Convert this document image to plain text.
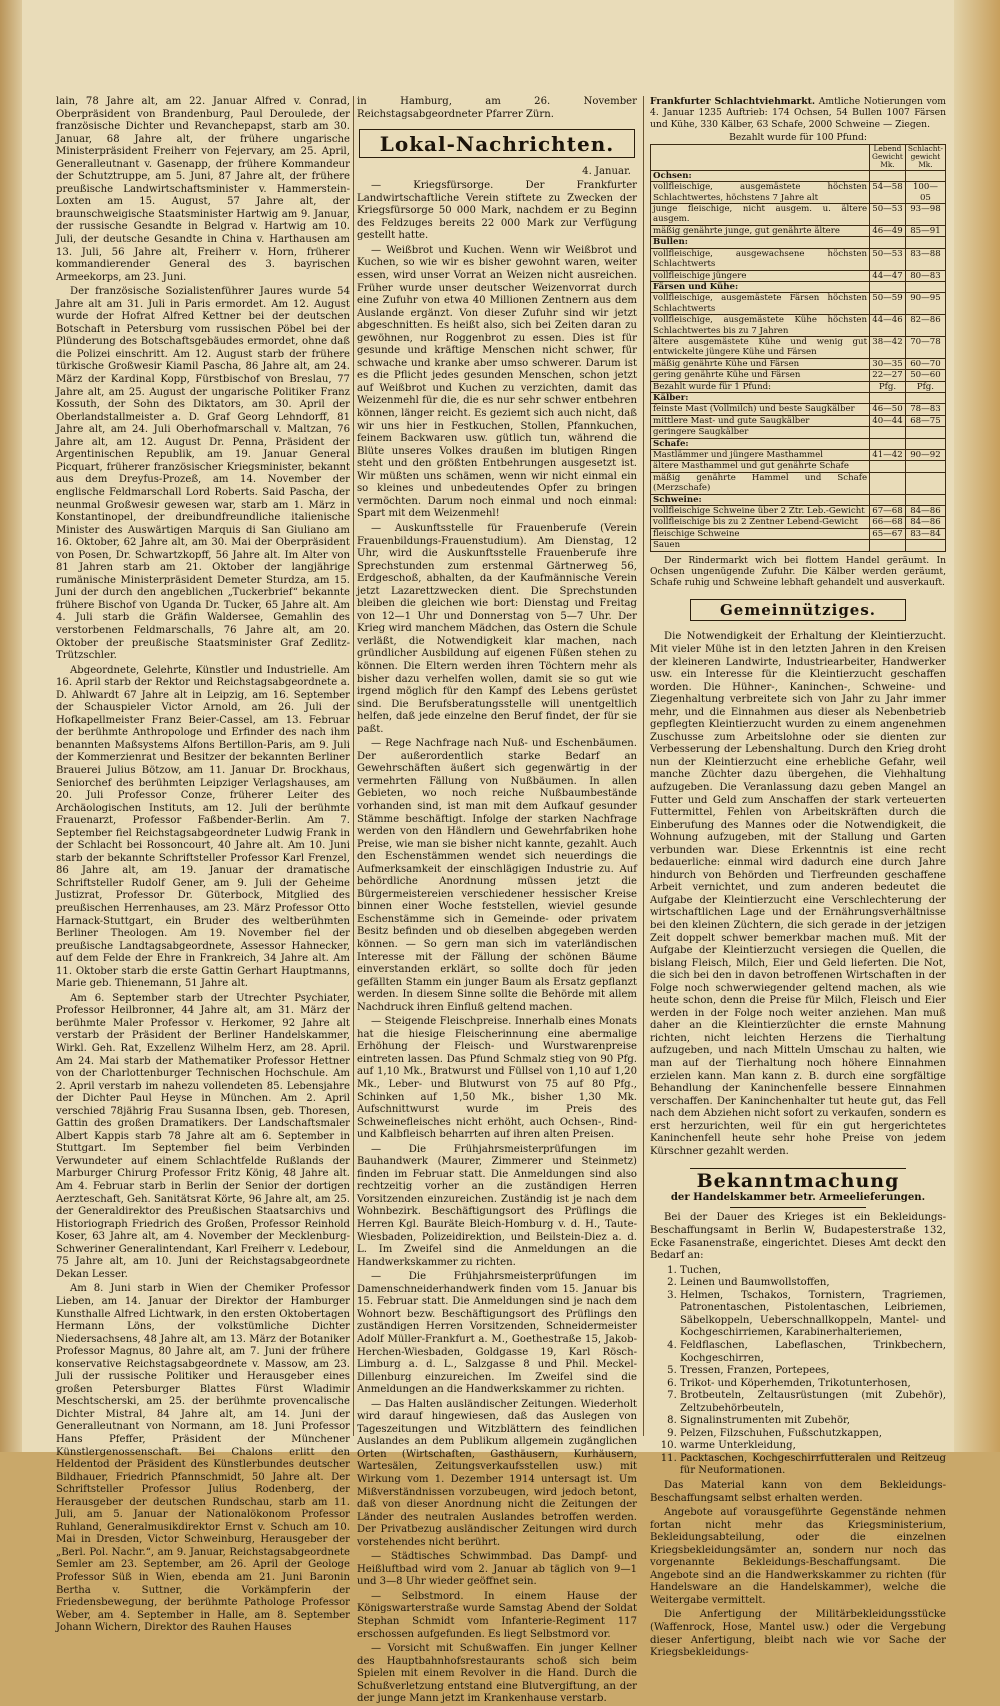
lain, 78 Jahre alt, am 22. Januar Alfred v. Conrad, Oberpräsident von Brandenburg, Paul Deroulede, der französische Dichter und Revanchepapst, starb am 30. Januar, 68 Jahre alt, der frühere ungarische Ministerpräsident Freiherr von Fejervary, am 25. April, Generalleutnant v. Gasenapp, der frühere Kommandeur der Schutztruppe, am 5. Juni, 87 Jahre alt, der frühere preußische Landwirtschaftsminister v. Hammerstein-Loxten am 15. August, 57 Jahre alt, der braunschweigische Staatsminister Hartwig am 9. Januar, der russische Gesandte in Belgrad v. Hartwig am 10. Juli, der deutsche Gesandte in China v. Harthausen am 13. Juli, 56 Jahre alt, Freiherr v. Horn, früherer kommandierender General des 3. bayrischen Armeekorps, am 23. Juni.

Der französische Sozialistenführer Jaures wurde 54 Jahre alt am 31. Juli in Paris ermordet. Am 12. August wurde der Hofrat Alfred Kettner bei der deutschen Botschaft in Petersburg vom russischen Pöbel bei der Plünderung des Botschaftsgebäudes ermordet, ohne daß die Polizei einschritt. Am 12. August starb der frühere türkische Großwesir Kiamil Pascha, 86 Jahre alt, am 24. März der Kardinal Kopp, Fürstbischof von Breslau, 77 Jahre alt, am 25. August der ungarische Politiker Franz Kossuth, der Sohn des Diktators, am 30. April der Oberlandstallmeister a. D. Graf Georg Lehndorff, 81 Jahre alt, am 24. Juli Oberhofmarschall v. Maltzan, 76 Jahre alt, am 12. August Dr. Penna, Präsident der Argentinischen Republik, am 19. Januar General Picquart, früherer französischer Kriegsminister, bekannt aus dem Dreyfus-Prozeß, am 14. November der englische Feldmarschall Lord Roberts. Said Pascha, der neunmal Großwesir gewesen war, starb am 1. März in Konstantinopel, der dreibundfreundliche italienische Minister des Auswärtigen Marquis di San Giuliano am 16. Oktober, 62 Jahre alt, am 30. Mai der Oberpräsident von Posen, Dr. Schwartzkopff, 56 Jahre alt. Im Alter von 81 Jahren starb am 21. Oktober der langjährige rumänische Ministerpräsident Demeter Sturdza, am 15. Juni der durch den angeblichen „Tuckerbrief“ bekannte frühere Bischof von Uganda Dr. Tucker, 65 Jahre alt. Am 4. Juli starb die Gräfin Waldersee, Gemahlin des verstorbenen Feldmarschalls, 76 Jahre alt, am 20. Oktober der preußische Staatsminister Graf Zedlitz-Trützschler.

Abgeordnete, Gelehrte, Künstler und Industrielle. Am 16. April starb der Rektor und Reichstagsabgeordnete a. D. Ahlwardt 67 Jahre alt in Leipzig, am 16. September der Schauspieler Victor Arnold, am 26. Juli der Hofkapellmeister Franz Beier-Cassel, am 13. Februar der berühmte Anthropologe und Erfinder des nach ihm benannten Maßsystems Alfons Bertillon-Paris, am 9. Juli der Kommerzienrat und Besitzer der bekannten Berliner Brauerei Julius Bötzow, am 11. Januar Dr. Brockhaus, Seniorchef des berühmten Leipziger Verlagshauses, am 20. Juli Professor Conze, früherer Leiter des Archäologischen Instituts, am 12. Juli der berühmte Frauenarzt, Professor Faßbender-Berlin. Am 7. September fiel Reichstagsabgeordneter Ludwig Frank in der Schlacht bei Rossoncourt, 40 Jahre alt. Am 10. Juni starb der bekannte Schriftsteller Professor Karl Frenzel, 86 Jahre alt, am 19. Januar der dramatische Schriftsteller Rudolf Gener, am 9. Juli der Geheime Justizrat, Professor Dr. Güterbock, Mitglied des preußischen Herrenhauses, am 23. März Professor Otto Harnack-Stuttgart, ein Bruder des weltberühmten Berliner Theologen. Am 19. November fiel der preußische Landtagsabgeordnete, Assessor Hahnecker, auf dem Felde der Ehre in Frankreich, 34 Jahre alt. Am 11. Oktober starb die erste Gattin Gerhart Hauptmanns, Marie geb. Thienemann, 51 Jahre alt.

Am 6. September starb der Utrechter Psychiater, Professor Heilbronner, 44 Jahre alt, am 31. März der berühmte Maler Professor v. Herkomer, 92 Jahre alt verstarb der Präsident der Berliner Handelskammer, Wirkl. Geh. Rat, Exzellenz Wilhelm Herz, am 28. April. Am 24. Mai starb der Mathematiker Professor Hettner von der Charlottenburger Technischen Hochschule. Am 2. April verstarb im nahezu vollendeten 85. Lebensjahre der Dichter Paul Heyse in München. Am 2. April verschied 78jährig Frau Susanna Ibsen, geb. Thoresen, Gattin des großen Dramatikers. Der Landschaftsmaler Albert Kappis starb 78 Jahre alt am 6. September in Stuttgart. Im September fiel beim Verbinden Verwundeter auf einem Schlachtfelde Rußlands der Marburger Chirurg Professor Fritz König, 48 Jahre alt. Am 4. Februar starb in Berlin der Senior der dortigen Aerzteschaft, Geh. Sanitätsrat Körte, 96 Jahre alt, am 25. der Generaldirektor des Preußischen Staatsarchivs und Historiograph Friedrich des Großen, Professor Reinhold Koser, 63 Jahre alt, am 4. November der Mecklenburg-Schweriner Generalintendant, Karl Freiherr v. Ledebour, 75 Jahre alt, am 10. Juni der Reichstagsabgeordnete Dekan Lesser.

Am 8. Juni starb in Wien der Chemiker Professor Lieben, am 14. Januar der Direktor der Hamburger Kunsthalle Alfred Lichtwark, in den ersten Oktobertagen Hermann Löns, der volkstümliche Dichter Niedersachsens, 48 Jahre alt, am 13. März der Botaniker Professor Magnus, 80 Jahre alt, am 7. Juni der frühere konservative Reichstagsabgeordnete v. Massow, am 23. Juli der russische Politiker und Herausgeber eines großen Petersburger Blattes Fürst Wladimir Meschtscherski, am 25. der berühmte provencalische Dichter Mistral, 84 Jahre alt, am 14. Juni der Generalleutnant von Normann, am 18. Juni Professor Hans Pfeffer, Präsident der Münchener Künstlergenossenschaft. Bei Chalons erlitt den Heldentod der Präsident des Künstlerbundes deutscher Bildhauer, Friedrich Pfannschmidt, 50 Jahre alt. Der Schriftsteller Professor Julius Rodenberg, der Herausgeber der deutschen Rundschau, starb am 11. Juli, am 5. Januar der Nationalökonom Professor Ruhland, Generalmusikdirektor Ernst v. Schuch am 10. Mai in Dresden, Victor Schweinburg, Herausgeber der „Berl. Pol. Nachr.“, am 9. Januar, Reichstagsabgeordnete Semler am 23. September, am 26. April der Geologe Professor Süß in Wien, ebenda am 21. Juni Baronin Bertha v. Suttner, die Vorkämpferin der Friedensbewegung, der berühmte Pathologe Professor Weber, am 4. September in Halle, am 8. September Johann Wichern, Direktor des Rauhen Hauses

in Hamburg, am 26. November Reichstagsabgeordneter Pfarrer Zürn.

Lokal-Nachrichten.
4. Januar.

— Kriegsfürsorge. Der Frankfurter Landwirtschaftliche Verein stiftete zu Zwecken der Kriegsfürsorge 50 000 Mark, nachdem er zu Beginn des Feldzuges bereits 22 000 Mark zur Verfügung gestellt hatte.

— Weißbrot und Kuchen. Wenn wir Weißbrot und Kuchen, so wie wir es bisher gewohnt waren, weiter essen, wird unser Vorrat an Weizen nicht ausreichen. Früher wurde unser deutscher Weizenvorrat durch eine Zufuhr von etwa 40 Millionen Zentnern aus dem Auslande ergänzt. Von dieser Zufuhr sind wir jetzt abgeschnitten. Es heißt also, sich bei Zeiten daran zu gewöhnen, nur Roggenbrot zu essen. Dies ist für gesunde und kräftige Menschen nicht schwer, für schwache und kranke aber umso schwerer. Darum ist es die Pflicht jedes gesunden Menschen, schon jetzt auf Weißbrot und Kuchen zu verzichten, damit das Weizenmehl für die, die es nur sehr schwer entbehren können, länger reicht. Es geziemt sich auch nicht, daß wir uns hier in Festkuchen, Stollen, Pfannkuchen, feinem Backwaren usw. gütlich tun, während die Blüte unseres Volkes draußen im blutigen Ringen steht und den größten Entbehrungen ausgesetzt ist. Wir müßten uns schämen, wenn wir nicht einmal ein so kleines und unbedeutendes Opfer zu bringen vermöchten. Darum noch einmal und noch einmal: Spart mit dem Weizenmehl!

— Auskunftsstelle für Frauenberufe (Verein Frauenbildungs-Frauenstudium). Am Dienstag, 12 Uhr, wird die Auskunftsstelle Frauenberufe ihre Sprechstunden zum erstenmal Gärtnerweg 56, Erdgeschoß, abhalten, da der Kaufmännische Verein jetzt Lazarettzwecken dient. Die Sprechstunden bleiben die gleichen wie bort: Dienstag und Freitag von 12—1 Uhr und Donnerstag von 5—7 Uhr. Der Krieg wird manchem Mädchen, das Ostern die Schule verläßt, die Notwendigkeit klar machen, nach gründlicher Ausbildung auf eigenen Füßen stehen zu können. Die Eltern werden ihren Töchtern mehr als bisher dazu verhelfen wollen, damit sie so gut wie irgend möglich für den Kampf des Lebens gerüstet sind. Die Berufsberatungsstelle will unentgeltlich helfen, daß jede einzelne den Beruf findet, der für sie paßt.

— Rege Nachfrage nach Nuß- und Eschenbäumen. Der außerordentlich starke Bedarf an Gewehrschäften äußert sich gegenwärtig in der vermehrten Fällung von Nußbäumen. In allen Gebieten, wo noch reiche Nußbaumbestände vorhanden sind, ist man mit dem Aufkauf gesunder Stämme beschäftigt. Infolge der starken Nachfrage werden von den Händlern und Gewehrfabriken hohe Preise, wie man sie bisher nicht kannte, gezahlt. Auch den Eschenstämmen wendet sich neuerdings die Aufmerksamkeit der einschlägigen Industrie zu. Auf behördliche Anordnung müssen jetzt die Bürgermeistereien verschiedener hessischer Kreise binnen einer Woche feststellen, wieviel gesunde Eschenstämme sich in Gemeinde- oder privatem Besitz befinden und ob dieselben abgegeben werden können. — So gern man sich im vaterländischen Interesse mit der Fällung der schönen Bäume einverstanden erklärt, so sollte doch für jeden gefällten Stamm ein junger Baum als Ersatz gepflanzt werden. In diesem Sinne sollte die Behörde mit allem Nachdruck ihren Einfluß geltend machen.

— Steigende Fleischpreise. Innerhalb eines Monats hat die hiesige Fleischerinnung eine abermalige Erhöhung der Fleisch- und Wurstwarenpreise eintreten lassen. Das Pfund Schmalz stieg von 90 Pfg. auf 1,10 Mk., Bratwurst und Füllsel von 1,10 auf 1,20 Mk., Leber- und Blutwurst von 75 auf 80 Pfg., Schinken auf 1,50 Mk., bisher 1,30 Mk. Aufschnittwurst wurde im Preis des Schweinefleisches nicht erhöht, auch Ochsen-, Rind- und Kalbfleisch beharrten auf ihren alten Preisen.

— Die Frühjahrsmeisterprüfungen im Bauhandwerk (Maurer, Zimmerer und Steinmetz) finden im Februar statt. Die Anmeldungen sind also rechtzeitig vorher an die zuständigen Herren Vorsitzenden einzureichen. Zuständig ist je nach dem Wohnbezirk. Beschäftigungsort des Prüflings die Herren Kgl. Bauräte Bleich-Homburg v. d. H., Taute-Wiesbaden, Polizeidirektion, und Beilstein-Diez a. d. L. Im Zweifel sind die Anmeldungen an die Handwerkskammer zu richten.

— Die Frühjahrsmeisterprüfungen im Damenschneiderhandwerk finden vom 15. Januar bis 15. Februar statt. Die Anmeldungen sind je nach dem Wohnort bezw. Beschäftigungsort des Prüflings den zuständigen Herren Vorsitzenden, Schneidermeister Adolf Müller-Frankfurt a. M., Goethestraße 15, Jakob-Herchen-Wiesbaden, Goldgasse 19, Karl Rösch-Limburg a. d. L., Salzgasse 8 und Phil. Meckel-Dillenburg einzureichen. Im Zweifel sind die Anmeldungen an die Handwerkskammer zu richten.

— Das Halten ausländischer Zeitungen. Wiederholt wird darauf hingewiesen, daß das Auslegen von Tageszeitungen und Witzblättern des feindlichen Auslandes an dem Publikum allgemein zugänglichen Orten (Wirtschaften, Gasthäusern, Kurhäusern, Wartesälen, Zeitungsverkaufsstellen usw.) mit Wirkung vom 1. Dezember 1914 untersagt ist. Um Mißverständnissen vorzubeugen, wird jedoch betont, daß von dieser Anordnung nicht die Zeitungen der Länder des neutralen Auslandes betroffen werden. Der Privatbezug ausländischer Zeitungen wird durch vorstehendes nicht berührt.

— Städtisches Schwimmbad. Das Dampf- und Heißluftbad wird vom 2. Januar ab täglich von 9—1 und 3—8 Uhr wieder geöffnet sein.

— Selbstmord. In einem Hause der Königswarterstraße wurde Samstag Abend der Soldat Stephan Schmidt vom Infanterie-Regiment 117 erschossen aufgefunden. Es liegt Selbstmord vor.

— Vorsicht mit Schußwaffen. Ein junger Kellner des Hauptbahnhofsrestaurants schoß sich beim Spielen mit einem Revolver in die Hand. Durch die Schußverletzung entstand eine Blutvergiftung, an der der junge Mann jetzt im Krankenhause verstarb.

Frankfurter Schlachtviehmarkt. Amtliche Notierungen vom 4. Januar 1235 Auftrieb: 174 Ochsen, 54 Bullen 1007 Färsen und Kühe, 330 Kälber, 63 Schafe, 2000 Schweine — Ziegen.

Bezahlt wurde für 100 Pfund:
	Lebend Gewicht Mk.	Schlacht- gewicht Mk.
Ochsen:		
vollfleischige, ausgemästete höchsten Schlachtwertes, höchstens 7 Jahre alt	54—58	100—05
junge fleischige, nicht ausgem. u. ältere ausgem.	50—53	93—98
mäßig genährte junge, gut genährte ältere	46—49	85—91
Bullen:		
vollfleischige, ausgewachsene höchsten Schlachtwerts	50—53	83—88
vollfleischige jüngere	44—47	80—83
Färsen und Kühe:		
vollfleischige, ausgemästete Färsen höchsten Schlachtwerts	50—59	90—95
vollfleischige, ausgemästete Kühe höchsten Schlachtwertes bis zu 7 Jahren	44—46	82—86
ältere ausgemästete Kühe und wenig gut entwickelte jüngere Kühe und Färsen	38—42	70—78
mäßig genährte Kühe und Färsen	30—35	60—70
gering genährte Kühe und Färsen	22—27	50—60
Bezahlt wurde für 1 Pfund:	Pfg.	Pfg.
Kälber:		
feinste Mast (Vollmilch) und beste Saugkälber	46—50	78—83
mittlere Mast- und gute Saugkälber	40—44	68—75
geringere Saugkälber		
Schafe:		
Mastlämmer und jüngere Masthammel	41—42	90—92
ältere Masthammel und gut genährte Schafe		
mäßig genährte Hammel und Schafe (Merzschafe)		
Schweine:		
vollfleischige Schweine über 2 Ztr. Leb.-Gewicht	67—68	84—86
vollfleischige bis zu 2 Zentner Lebend-Gewicht	66—68	84—86
fleischige Schweine	65—67	83—84
Sauen		

Der Rindermarkt wich bei flottem Handel geräumt. In Ochsen ungenügende Zufuhr. Die Kälber werden geräumt, Schafe ruhig und Schweine lebhaft gehandelt und ausverkauft.

Gemeinnütziges.

Die Notwendigkeit der Erhaltung der Kleintierzucht. Mit vieler Mühe ist in den letzten Jahren in den Kreisen der kleineren Landwirte, Industriearbeiter, Handwerker usw. ein Interesse für die Kleintierzucht geschaffen worden. Die Hühner-, Kaninchen-, Schweine- und Ziegenhaltung verbreitete sich von Jahr zu Jahr immer mehr, und die Einnahmen aus dieser als Nebenbetrieb gepflegten Kleintierzucht wurden zu einem angenehmen Zuschusse zum Arbeitslohne oder sie dienten zur Verbesserung der Lebenshaltung. Durch den Krieg droht nun der Kleintierzucht eine erhebliche Gefahr, weil manche Züchter dazu übergehen, die Viehhaltung aufzugeben. Die Veranlassung dazu geben Mangel an Futter und Geld zum Anschaffen der stark verteuerten Futtermittel, Fehlen von Arbeitskräften durch die Einberufung des Mannes oder die Notwendigkeit, die Wohnung aufzugeben, mit der Stallung und Garten verbunden war. Diese Erkenntnis ist eine recht bedauerliche: einmal wird dadurch eine durch Jahre hindurch von Behörden und Tierfreunden geschaffene Arbeit vernichtet, und zum anderen bedeutet die Aufgabe der Kleintierzucht eine Verschlechterung der wirtschaftlichen Lage und der Ernährungsverhältnisse bei den kleinen Züchtern, die sich gerade in der jetzigen Zeit doppelt schwer bemerkbar machen muß. Mit der Aufgabe der Kleintierzucht versiegen die Quellen, die bislang Fleisch, Milch, Eier und Geld lieferten. Die Not, die sich bei den in davon betroffenen Wirtschaften in der Folge noch schwerwiegender geltend machen, als wie heute schon, denn die Preise für Milch, Fleisch und Eier werden in der Folge noch weiter anziehen. Man muß daher an die Kleintierzüchter die ernste Mahnung richten, nicht leichten Herzens die Tierhaltung aufzugeben, und nach Mitteln Umschau zu halten, wie man auf der Tierhaltung noch höhere Einnahmen erzielen kann. Man kann z. B. durch eine sorgfältige Behandlung der Kaninchenfelle bessere Einnahmen verschaffen. Der Kaninchenhalter tut heute gut, das Fell nach dem Abziehen nicht sofort zu verkaufen, sondern es erst herzurichten, weil für ein gut hergerichtetes Kaninchenfell heute sehr hohe Preise von jedem Kürschner gezahlt werden.

Bekanntmachung
der Handelskammer betr. Armeelieferungen.

Bei der Dauer des Krieges ist ein Bekleidungs-Beschaffungsamt in Berlin W, Budapesterstraße 132, Ecke Fasanenstraße, eingerichtet. Dieses Amt deckt den Bedarf an:

1. Tuchen,
2. Leinen und Baumwollstoffen,
3. Helmen, Tschakos, Tornistern, Tragriemen, Patronentaschen, Pistolentaschen, Leibriemen, Säbelkoppeln, Ueberschnallkoppeln, Mantel- und Kochgeschirriemen, Karabinerhalteriemen,
4. Feldflaschen, Labeflaschen, Trinkbechern, Kochgeschirren,
5. Tressen, Franzen, Portepees,
6. Trikot- und Köperhemden, Trikotunterhosen,
7. Brotbeuteln, Zeltausrüstungen (mit Zubehör), Zeltzubehörbeuteln,
8. Signalinstrumenten mit Zubehör,
9. Pelzen, Filzschuhen, Fußschutzkappen,
10. warme Unterkleidung,
11. Packtaschen, Kochgeschirrfutteralen und Reitzeug für Neuformationen.

Das Material kann von dem Bekleidungs-Beschaffungsamt selbst erhalten werden.

Angebote auf vorausgeführte Gegenstände nehmen fortan nicht mehr das Kriegsministerium, Bekleidungsabteilung, oder die einzelnen Kriegsbekleidungsämter an, sondern nur noch das vorgenannte Bekleidungs-Beschaffungsamt. Die Angebote sind an die Handwerkskammer zu richten (für Handelsware an die Handelskammer), welche die Weitergabe vermittelt.

Die Anfertigung der Militärbekleidungsstücke (Waffenrock, Hose, Mantel usw.) oder die Vergebung dieser Anfertigung, bleibt nach wie vor Sache der Kriegsbekleidungs-
